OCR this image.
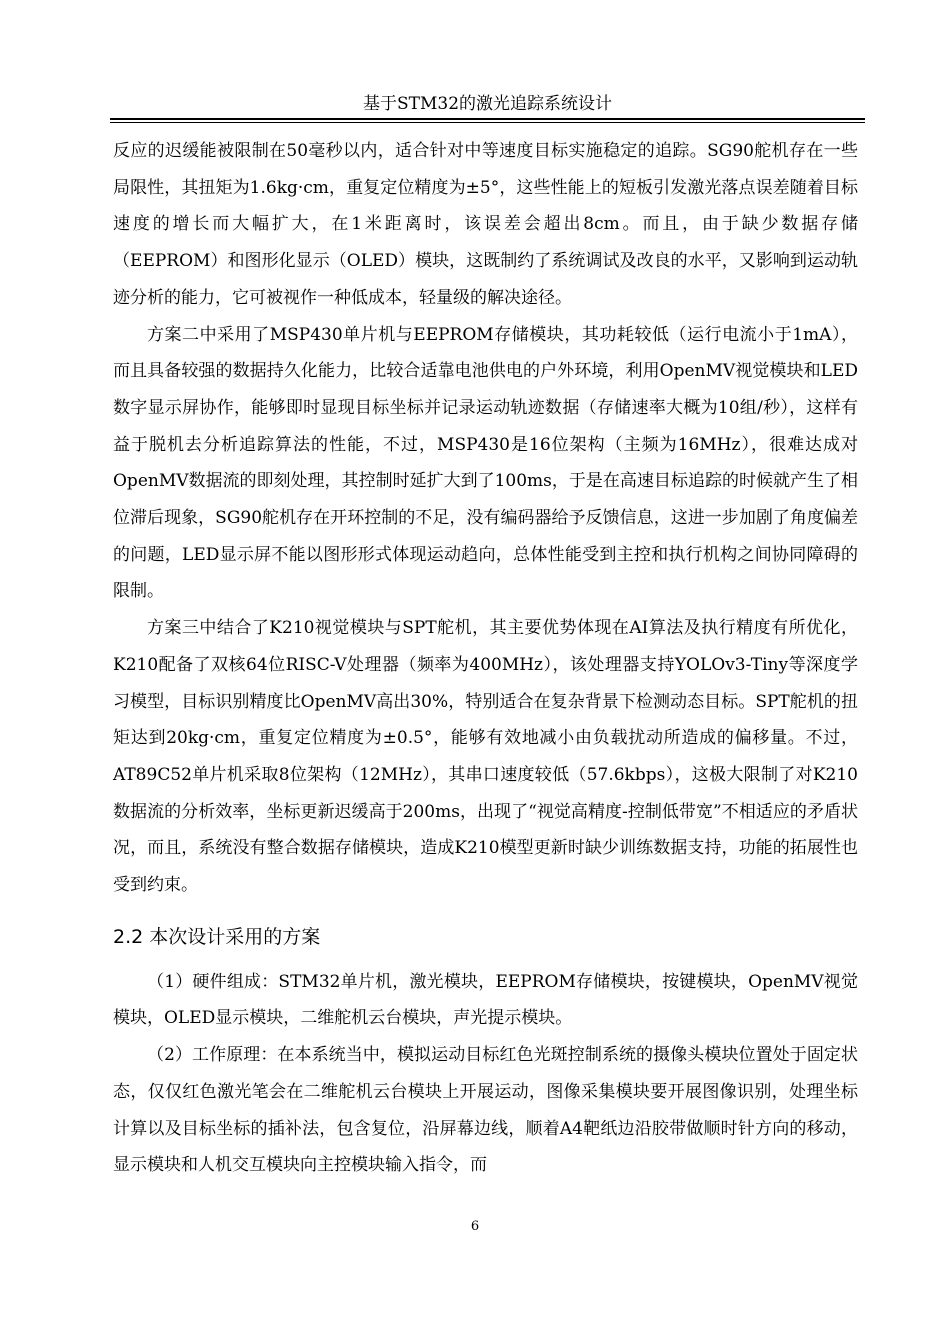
基于STM32的激光追踪系统设计

反应的迟缓能被限制在50毫秒以内，适合针对中等速度目标实施稳定的追踪。SG90舵机存在一些局限性，其扭矩为1.6kg·cm，重复定位精度为±5°，这些性能上的短板引发激光落点误差随着目标速度的增长而大幅扩大，在1米距离时，该误差会超出8cm。而且，由于缺少数据存储（EEPROM）和图形化显示（OLED）模块，这既制约了系统调试及改良的水平，又影响到运动轨迹分析的能力，它可被视作一种低成本，轻量级的解决途径。

方案二中采用了MSP430单片机与EEPROM存储模块，其功耗较低（运行电流小于1mA），而且具备较强的数据持久化能力，比较合适靠电池供电的户外环境，利用OpenMV视觉模块和LED数字显示屏协作，能够即时显现目标坐标并记录运动轨迹数据（存储速率大概为10组/秒），这样有益于脱机去分析追踪算法的性能，不过，MSP430是16位架构（主频为16MHz），很难达成对OpenMV数据流的即刻处理，其控制时延扩大到了100ms，于是在高速目标追踪的时候就产生了相位滞后现象，SG90舵机存在开环控制的不足，没有编码器给予反馈信息，这进一步加剧了角度偏差的问题，LED显示屏不能以图形形式体现运动趋向，总体性能受到主控和执行机构之间协同障碍的限制。

方案三中结合了K210视觉模块与SPT舵机，其主要优势体现在AI算法及执行精度有所优化，K210配备了双核64位RISC-V处理器（频率为400MHz），该处理器支持YOLOv3-Tiny等深度学习模型，目标识别精度比OpenMV高出30%，特别适合在复杂背景下检测动态目标。SPT舵机的扭矩达到20kg·cm，重复定位精度为±0.5°，能够有效地减小由负载扰动所造成的偏移量。不过，AT89C52单片机采取8位架构（12MHz），其串口速度较低（57.6kbps），这极大限制了对K210数据流的分析效率，坐标更新迟缓高于200ms，出现了“视觉高精度-控制低带宽”不相适应的矛盾状况，而且，系统没有整合数据存储模块，造成K210模型更新时缺少训练数据支持，功能的拓展性也受到约束。

2.2 本次设计采用的方案

（1）硬件组成：STM32单片机，激光模块，EEPROM存储模块，按键模块，OpenMV视觉模块，OLED显示模块，二维舵机云台模块，声光提示模块。

（2）工作原理：在本系统当中，模拟运动目标红色光斑控制系统的摄像头模块位置处于固定状态，仅仅红色激光笔会在二维舵机云台模块上开展运动，图像采集模块要开展图像识别，处理坐标计算以及目标坐标的插补法，包含复位，沿屏幕边线，顺着A4靶纸边沿胶带做顺时针方向的移动，显示模块和人机交互模块向主控模块输入指令，而

6
